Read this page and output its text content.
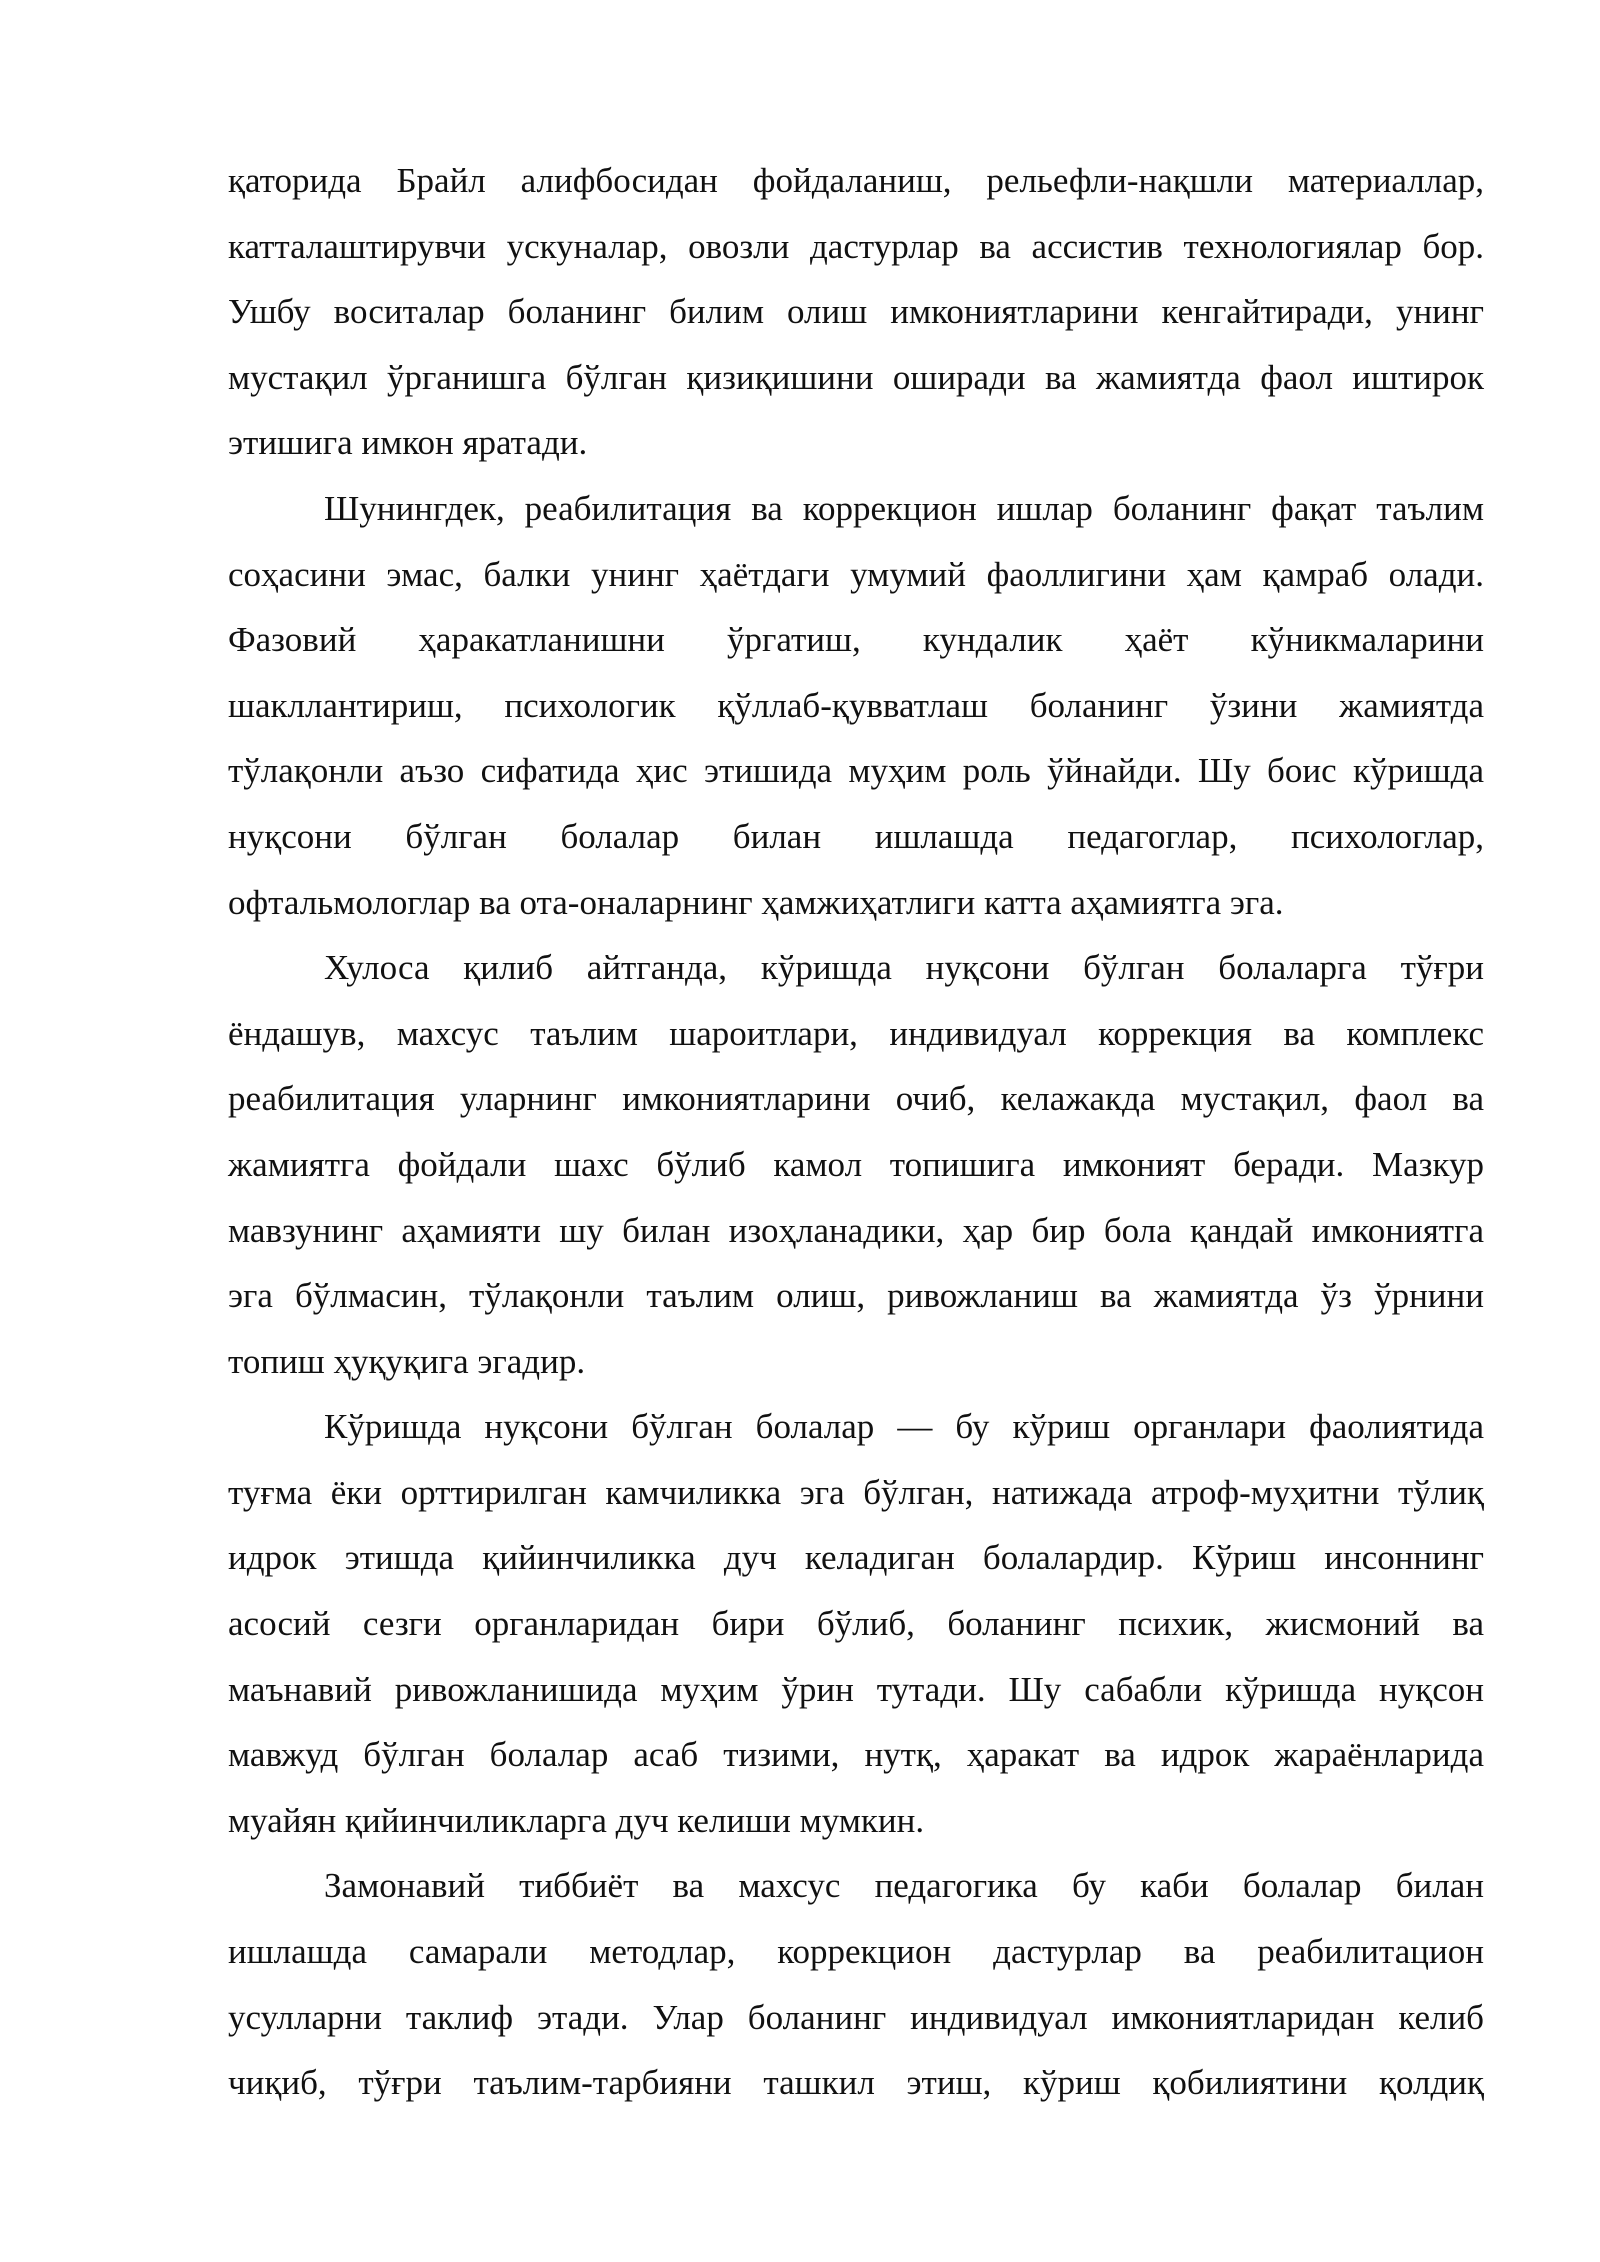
қаторида Брайл алифбосидан фойдаланиш, рельефли-нақшли материаллар,
катталаштирувчи ускуналар, овозли дастурлар ва ассистив технологиялар бор.
Ушбу воситалар боланинг билим олиш имкониятларини кенгайтиради, унинг
мустақил ўрганишга бўлган қизиқишини оширади ва жамиятда фаол иштирок
этишига имкон яратади.
Шунингдек, реабилитация ва коррекцион ишлар боланинг фақат таълим
соҳасини эмас, балки унинг ҳаётдаги умумий фаоллигини ҳам қамраб олади.
Фазовий ҳаракатланишни ўргатиш, кундалик ҳаёт кўникмаларини
шакллантириш, психологик қўллаб-қувватлаш боланинг ўзини жамиятда
тўлақонли аъзо сифатида ҳис этишида муҳим роль ўйнайди. Шу боис кўришда
нуқсони бўлган болалар билан ишлашда педагоглар, психологлар,
офтальмологлар ва ота-оналарнинг ҳамжиҳатлиги катта аҳамиятга эга.
Хулоса қилиб айтганда, кўришда нуқсони бўлган болаларга тўғри
ёндашув, махсус таълим шароитлари, индивидуал коррекция ва комплекс
реабилитация уларнинг имкониятларини очиб, келажакда мустақил, фаол ва
жамиятга фойдали шахс бўлиб камол топишига имконият беради. Мазкур
мавзунинг аҳамияти шу билан изоҳланадики, ҳар бир бола қандай имкониятга
эга бўлмасин, тўлақонли таълим олиш, ривожланиш ва жамиятда ўз ўрнини
топиш ҳуқуқига эгадир.
Кўришда нуқсони бўлган болалар — бу кўриш органлари фаолиятида
туғма ёки орттирилган камчиликка эга бўлган, натижада атроф-муҳитни тўлиқ
идрок этишда қийинчиликка дуч келадиган болалардир. Кўриш инсоннинг
асосий сезги органларидан бири бўлиб, боланинг психик, жисмоний ва
маънавий ривожланишида муҳим ўрин тутади. Шу сабабли кўришда нуқсон
мавжуд бўлган болалар асаб тизими, нутқ, ҳаракат ва идрок жараёнларида
муайян қийинчиликларга дуч келиши мумкин.
Замонавий тиббиёт ва махсус педагогика бу каби болалар билан
ишлашда самарали методлар, коррекцион дастурлар ва реабилитацион
усулларни таклиф этади. Улар боланинг индивидуал имкониятларидан келиб
чиқиб, тўғри таълим-тарбияни ташкил этиш, кўриш қобилиятини қолдиқ
